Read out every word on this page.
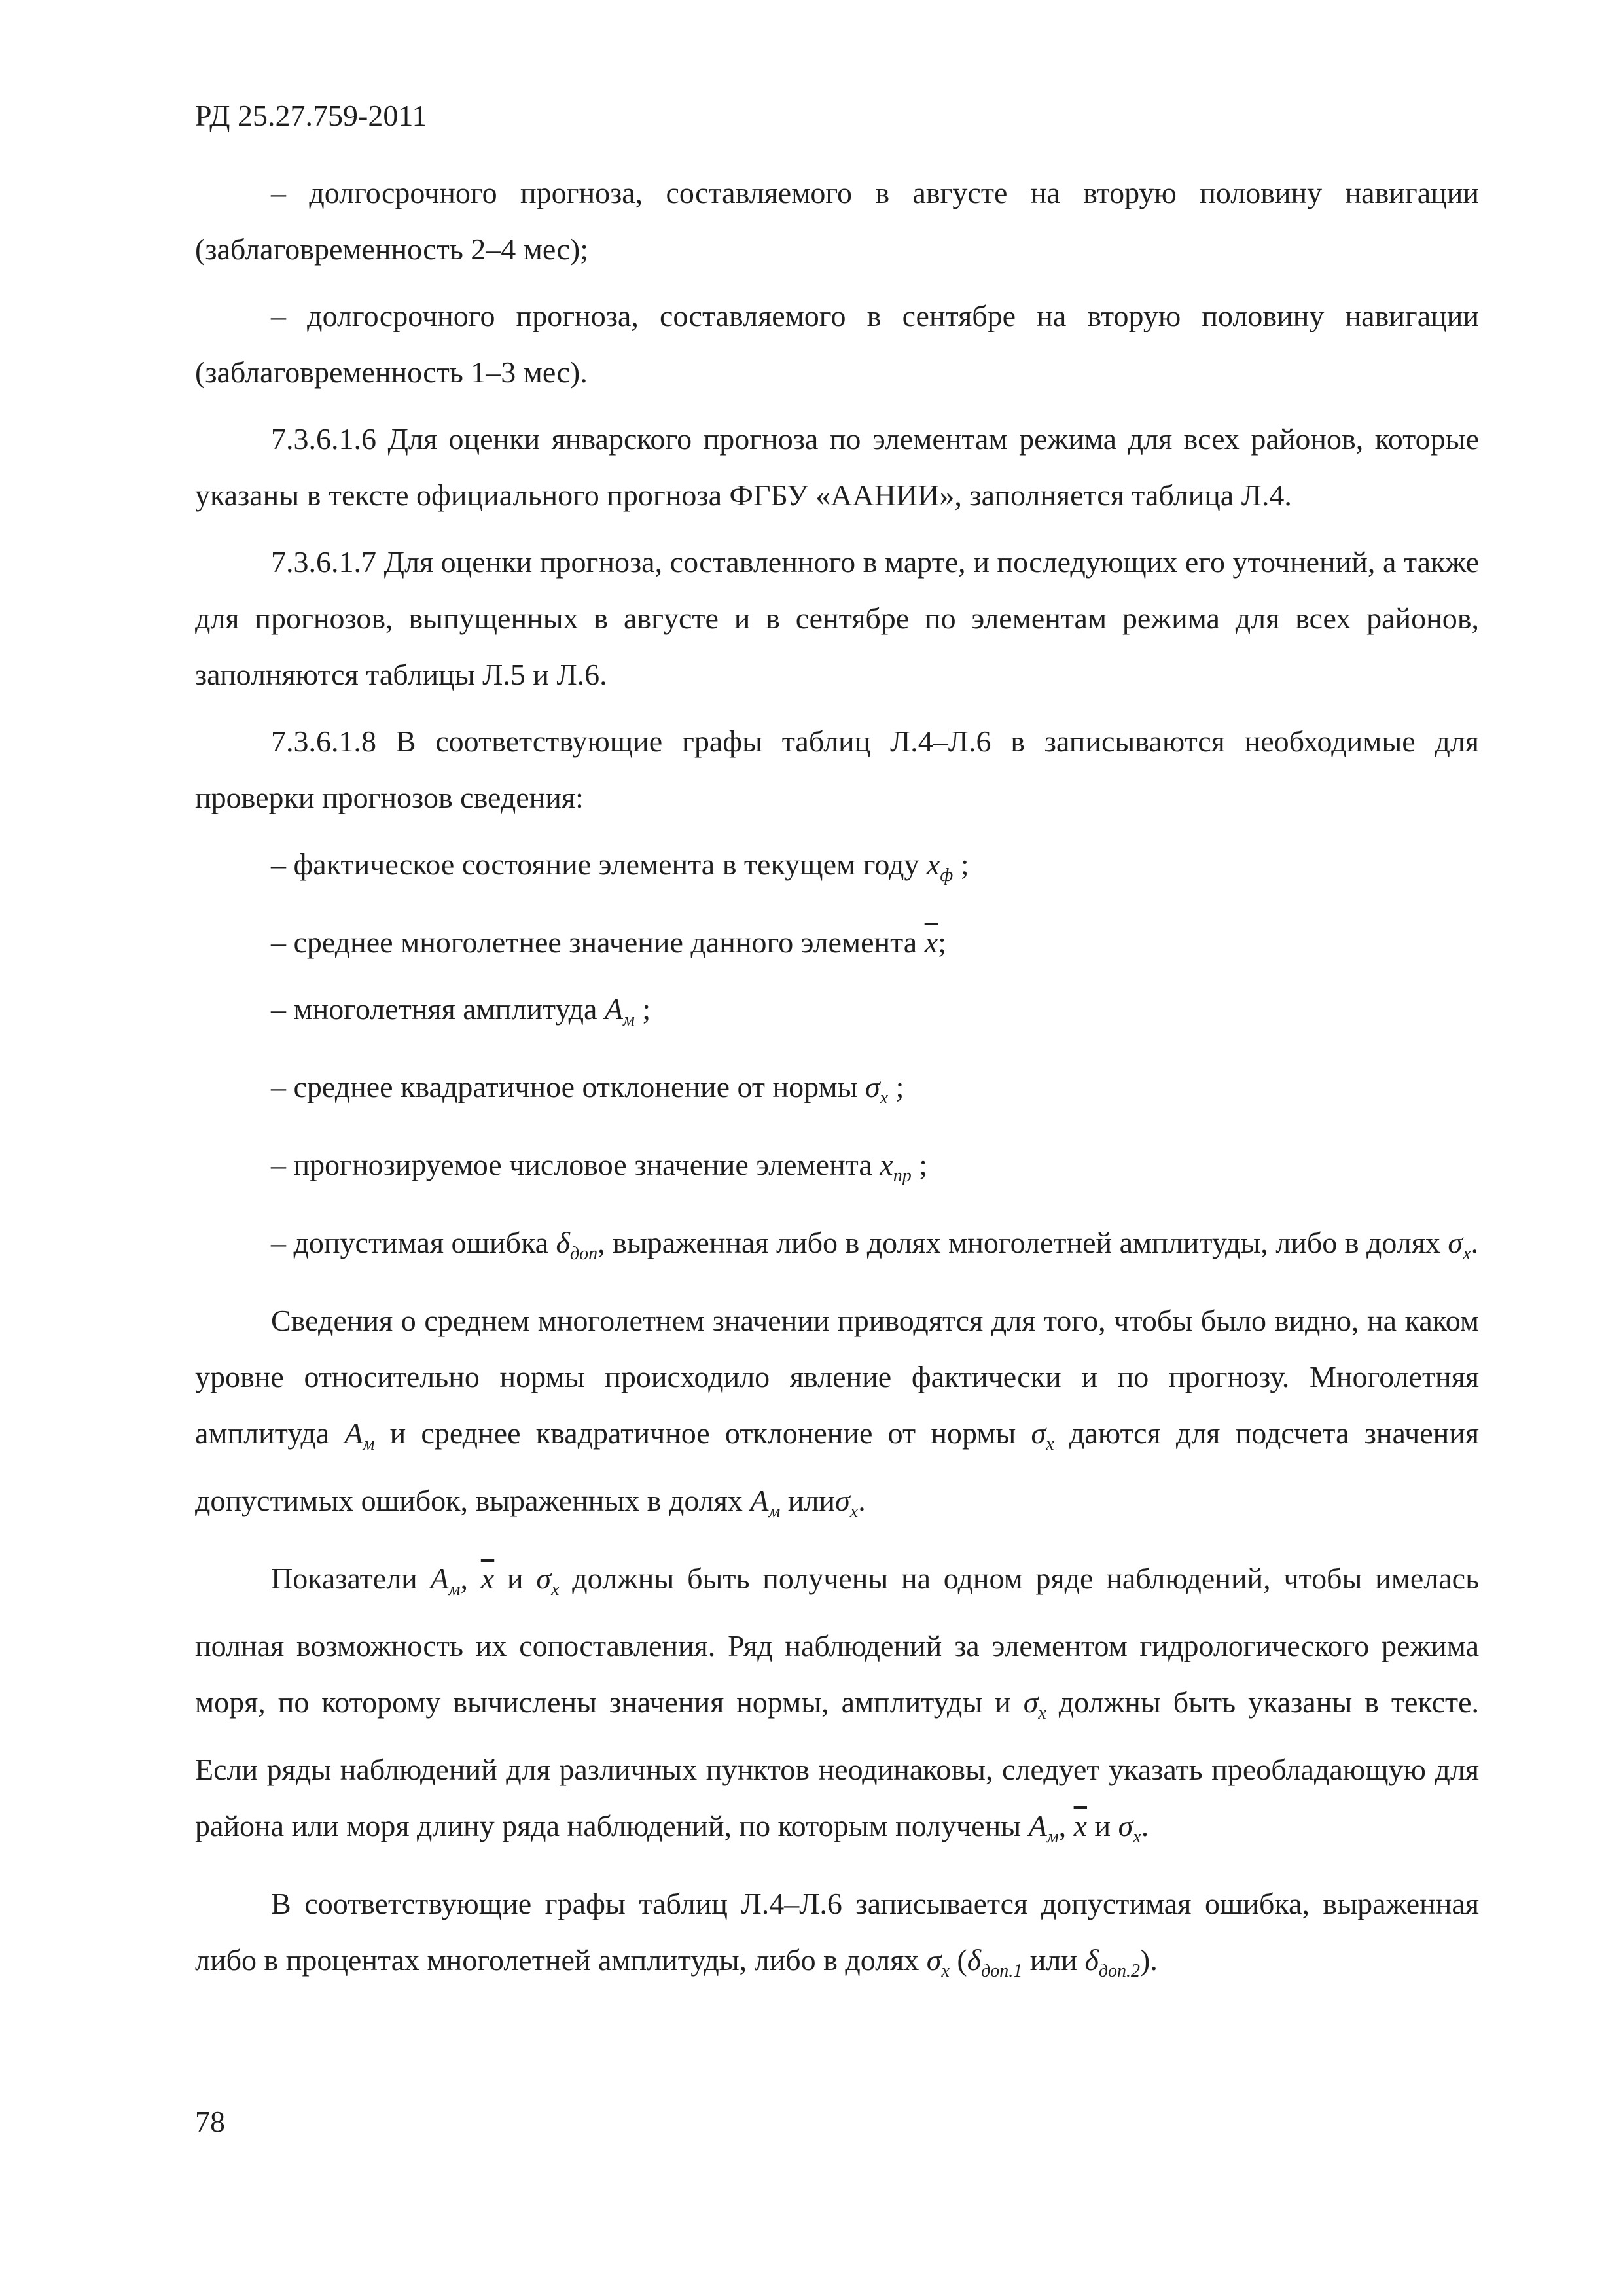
РД 25.27.759-2011

– долгосрочного прогноза, составляемого в августе на вторую половину навигации (заблаговременность 2–4 мес);

– долгосрочного прогноза, составляемого в сентябре на вторую половину навигации (заблаговременность 1–3 мес).

7.3.6.1.6 Для оценки январского прогноза по элементам режима для всех районов, которые указаны в тексте официального прогноза ФГБУ «ААНИИ», заполняется таблица Л.4.

7.3.6.1.7 Для оценки прогноза, составленного в марте, и последующих его уточнений, а также для прогнозов, выпущенных в августе и в сентябре по элементам режима для всех районов, заполняются таблицы Л.5 и Л.6.

7.3.6.1.8 В соответствующие графы таблиц Л.4–Л.6 в записываются необходимые для проверки прогнозов сведения:

– фактическое состояние элемента в текущем году $x_ф$ ;

– среднее многолетнее значение данного элемента $\overline{x}$;

– многолетняя амплитуда $A_м$ ;

– среднее квадратичное отклонение от нормы $\sigma_x$ ;

– прогнозируемое числовое значение элемента $x_{пр}$ ;

– допустимая ошибка $\delta_{доп}$, выраженная либо в долях многолетней амплитуды, либо в долях $\sigma_x$.

Сведения о среднем многолетнем значении приводятся для того, чтобы было видно, на каком уровне относительно нормы происходило явление фактически и по прогнозу. Многолетняя амплитуда $A_м$ и среднее квадратичное отклонение от нормы $\sigma_x$ даются для подсчета значения допустимых ошибок, выраженных в долях $A_м$ илиσ$_x$.

Показатели $A_м$, $\overline{x}$ и $\sigma_x$ должны быть получены на одном ряде наблюдений, чтобы имелась полная возможность их сопоставления. Ряд наблюдений за элементом гидрологического режима моря, по которому вычислены значения нормы, амплитуды и $\sigma_x$ должны быть указаны в тексте. Если ряды наблюдений для различных пунктов неодинаковы, следует указать преобладающую для района или моря длину ряда наблюдений, по которым получены $A_м$, $\overline{x}$ и $\sigma_x$.

В соответствующие графы таблиц Л.4–Л.6 записывается допустимая ошибка, выраженная либо в процентах многолетней амплитуды, либо в долях $\sigma_x$ ($\delta_{доп.1}$ или $\delta_{доп.2}$).

78
